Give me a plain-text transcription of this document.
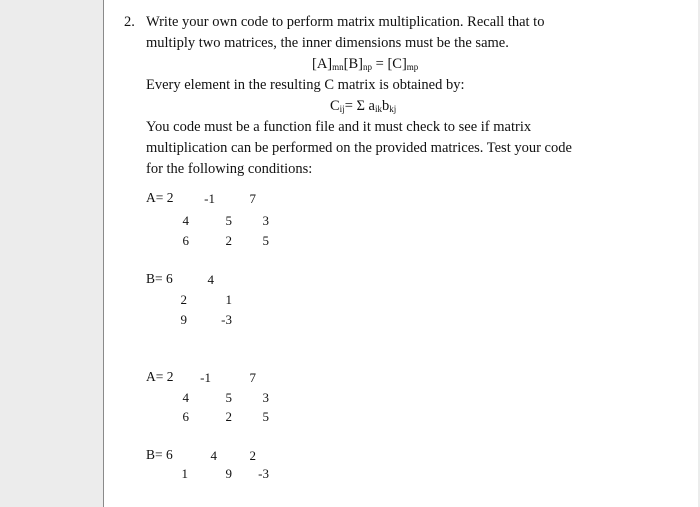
2. Write your own code to perform matrix multiplication. Recall that to
multiply two matrices, the inner dimensions must be the same.
$[A]_{mn}[B]_{np} = [C]_{mp}$
Every element in the resulting C matrix is obtained by:
$C_{ij}= \Sigma$ $a_{ik}b_{kj}$
You code must be a function file and it must check to see if matrix
multiplication can be performed on the provided matrices. Test your code
for the following conditions:
A= 2	-1	7
4	5	3
6	2	5
B= 6	4
2	1
9	-3
A= 2	-1	7
4	5	3
6	2	5
B= 6	4	2
1	9	-3
